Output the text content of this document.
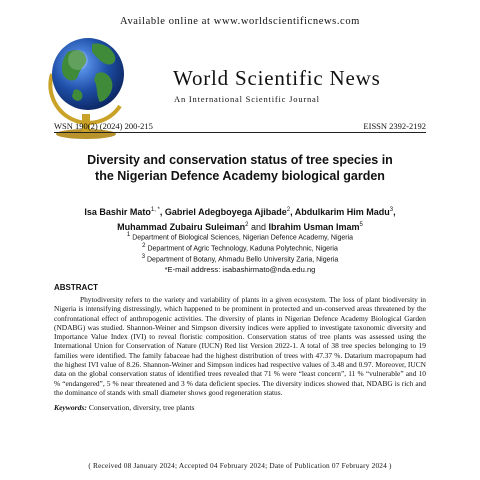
Available online at www.worldscientificnews.com
World Scientific News
An International Scientific Journal
WSN 190(2) (2024) 200-215	EISSN 2392-2192
Diversity and conservation status of tree species in
the Nigerian Defence Academy biological garden
Isa Bashir Mato$^{1, *}$, Gabriel Adegboyega Ajibade$^2$, Abdulkarim Him Madu$^3$,
Muhammad Zubairu Suleiman$^2$ and Ibrahim Usman Imam$^5$
$^1$ Department of Biological Sciences, Nigerian Defence Academy, Nigeria
$^2$ Department of Agric Technology, Kaduna Polytechnic, Nigeria
$^3$ Department of Botany, Ahmadu Bello University Zaria, Nigeria
*E-mail address: isabashirmato@nda.edu.ng
ABSTRACT
Phytodiversity refers to the variety and variability of plants in a given ecosystem. The loss of plant biodiversity in Nigeria is intensifying distressingly, which happened to be prominent in protected and un-conserved areas threatened by the confrontational effect of anthropogenic activities. The diversity of plants in Nigerian Defence Academy Biological Garden (NDABG) was studied. Shannon-Weiner and Simpson diversity indices were applied to investigate taxonomic diversity and Importance Value Index (IVI) to reveal floristic composition. Conservation status of tree plants was assessed using the International Union for Conservation of Nature (IUCN) Red list Version 2022-1. A total of 38 tree species belonging to 19 families were identified. The family fabaceae had the highest distribution of trees with 47.37 %. Datarium macropapum had the highest IVI value of 8.26. Shannon-Weiner and Simpson indices had respective values of 3.48 and 0.97. Moreover, IUCN data on the global conservation status of identified trees revealed that 71 % were “least concern”, 11 % “vulnerable” and 10 % “endangered”, 5 % near threatened and 3 % data deficient species. The diversity indices showed that, NDABG is rich and the dominance of stands with small diameter shows good regeneration status.
Keywords: Conservation, diversity, tree plants
( Received 08 January 2024; Accepted 04 February 2024; Date of Publication 07 February 2024 )
